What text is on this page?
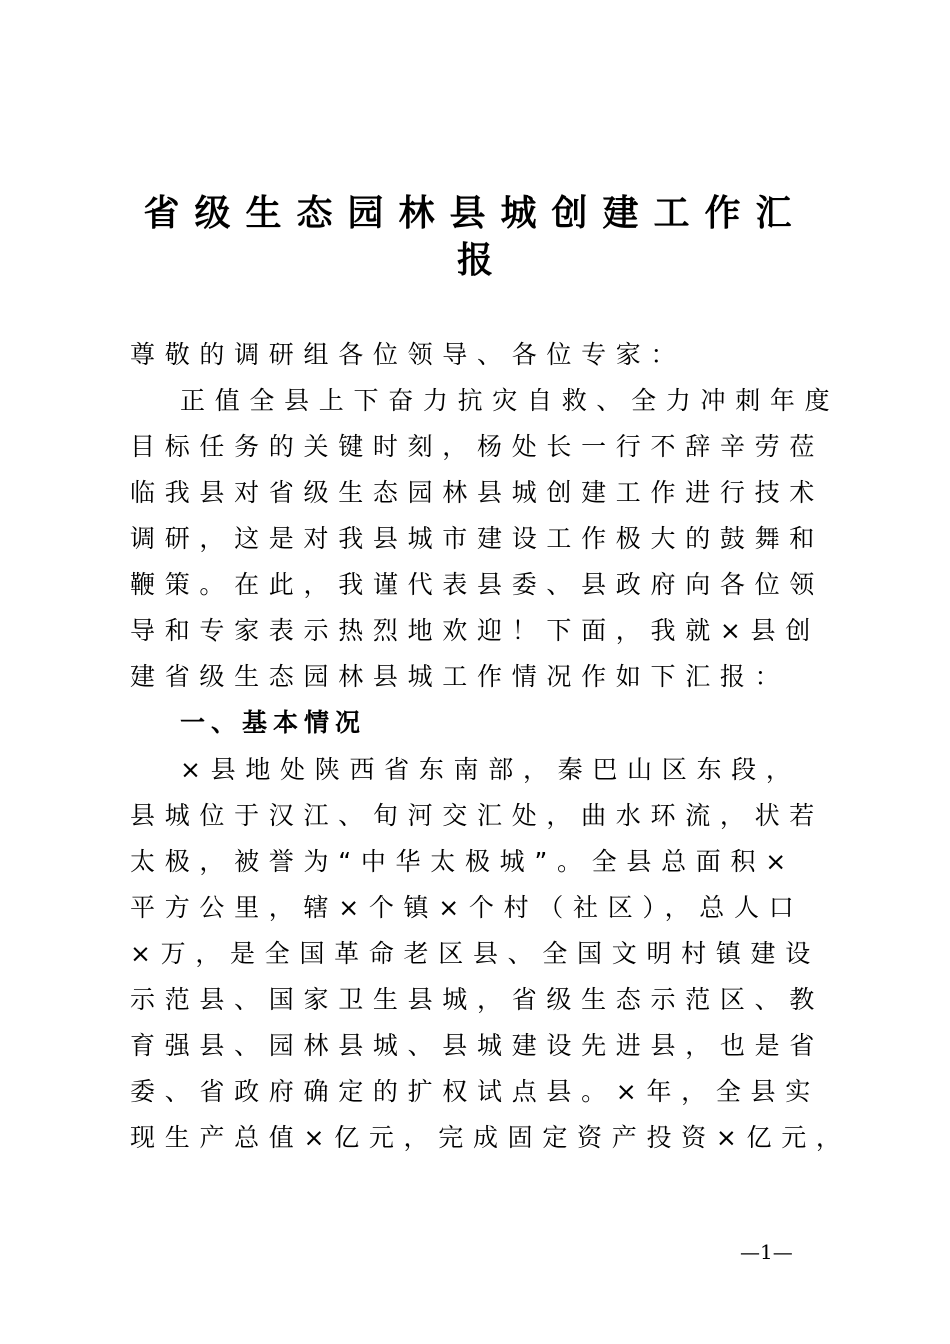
省级生态园林县城创建工作汇
报
尊敬的调研组各位领导、各位专家：
正值全县上下奋力抗灾自救、全力冲刺年度
目标任务的关键时刻，杨处长一行不辞辛劳莅
临我县对省级生态园林县城创建工作进行技术
调研，这是对我县城市建设工作极大的鼓舞和
鞭策。在此，我谨代表县委、县政府向各位领
导和专家表示热烈地欢迎！下面，我就×县创
建省级生态园林县城工作情况作如下汇报：
一、基本情况
×县地处陕西省东南部，秦巴山区东段，
县城位于汉江、旬河交汇处，曲水环流，状若
太极，被誉为“中华太极城”。全县总面积×
平方公里，辖×个镇×个村（社区），总人口
×万，是全国革命老区县、全国文明村镇建设
示范县、国家卫生县城，省级生态示范区、教
育强县、园林县城、县城建设先进县，也是省
委、省政府确定的扩权试点县。×年，全县实
现生产总值×亿元，完成固定资产投资×亿元，
—1—
